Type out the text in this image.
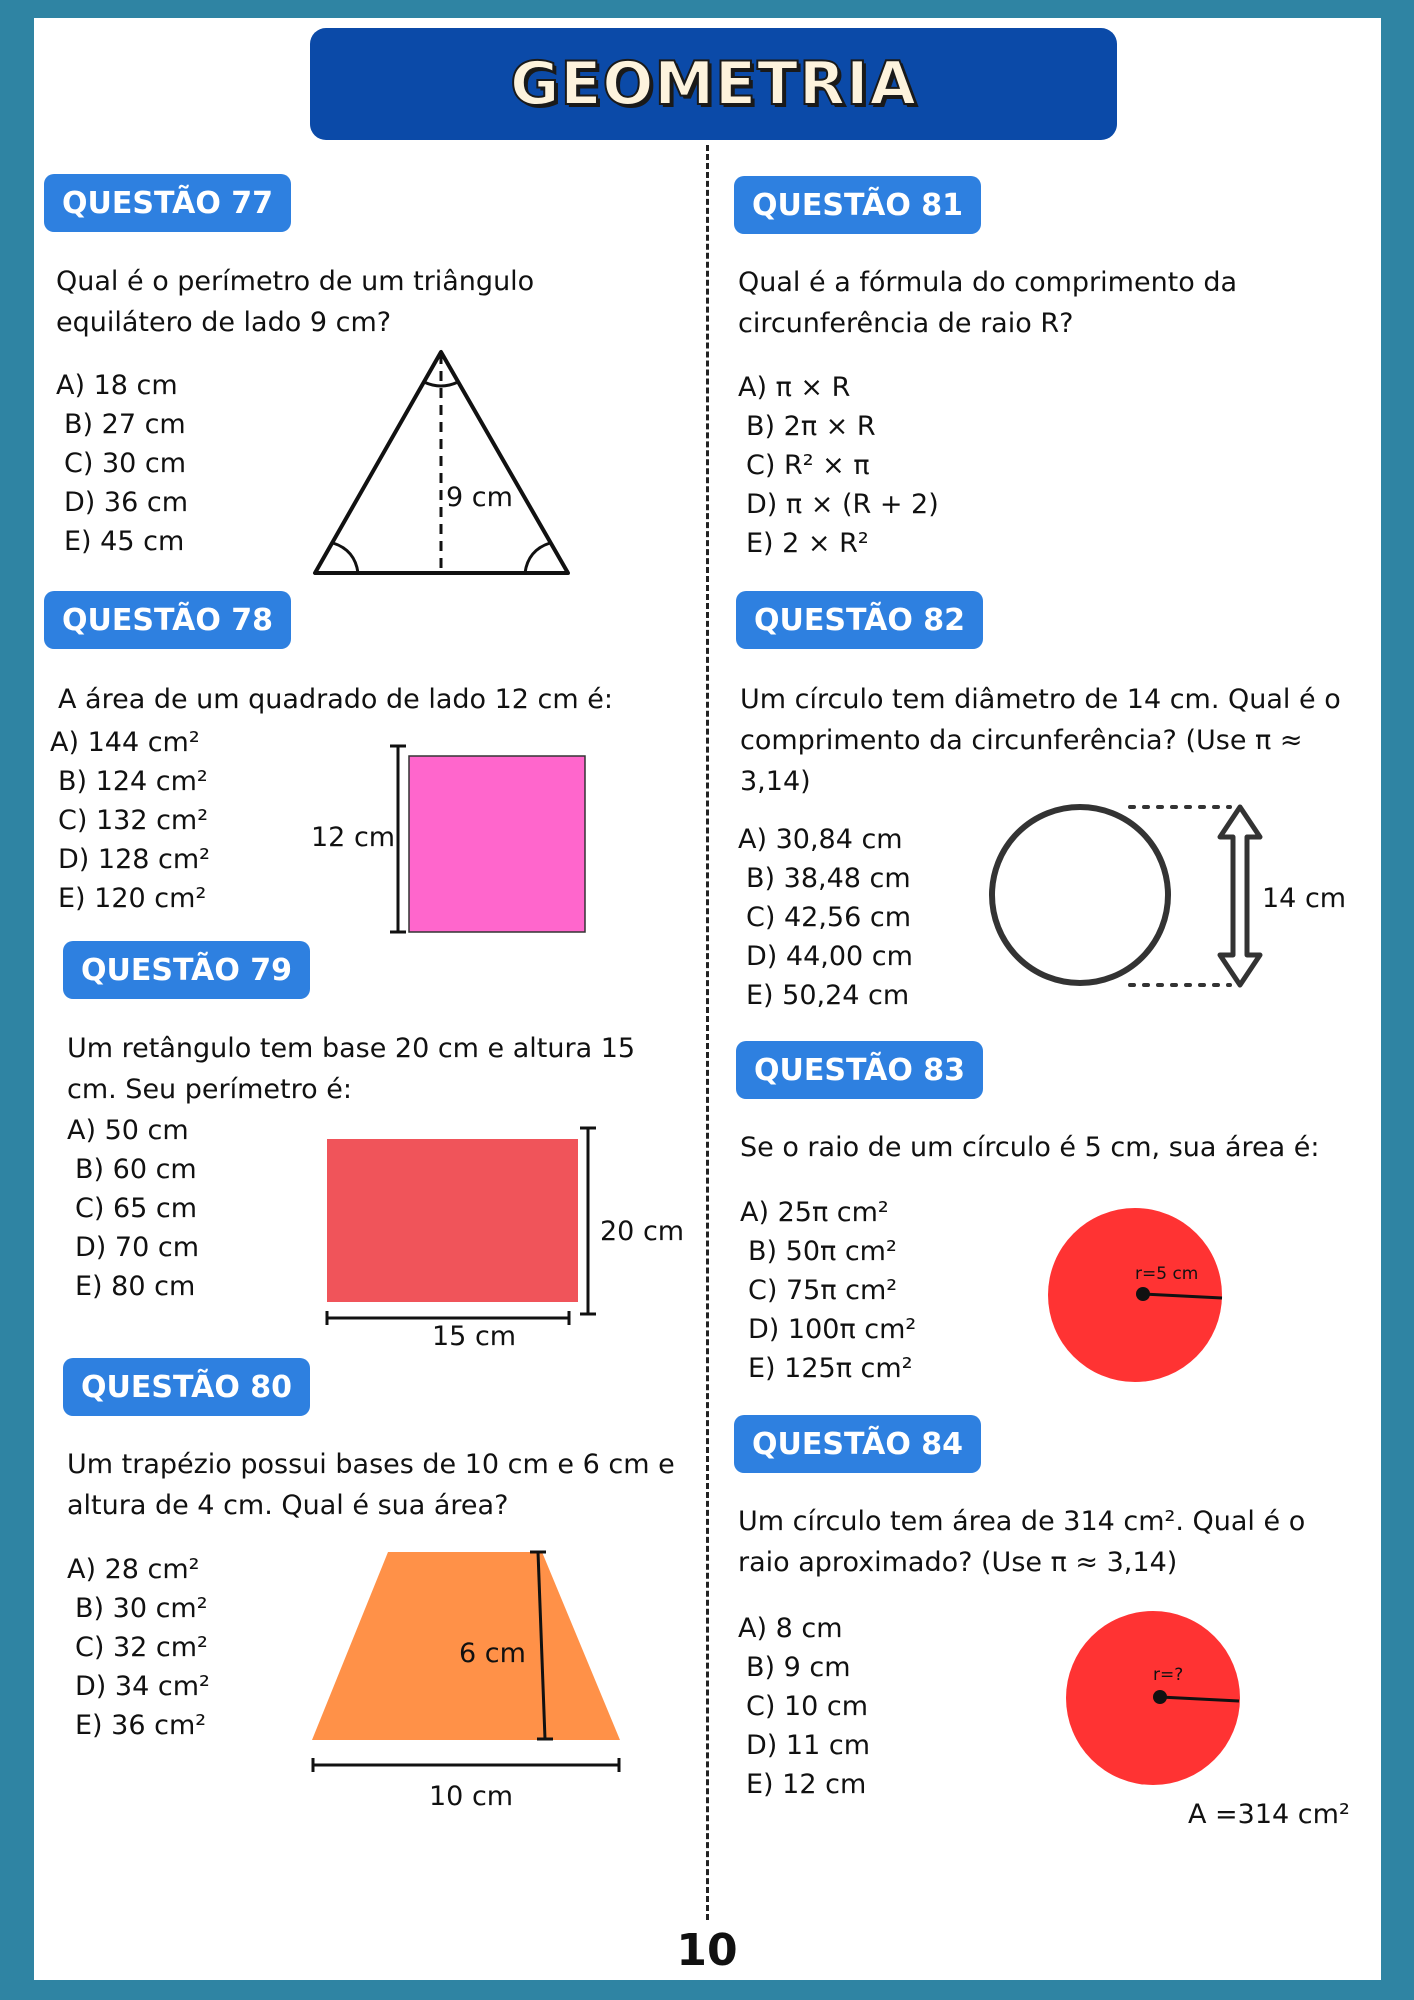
GEOMETRIA
QUESTÃO 77
Qual é o perímetro de um triângulo equilátero de lado 9 cm?
A) 18 cm
B) 27 cm
C) 30 cm
D) 36 cm
E) 45 cm
9 cm
QUESTÃO 78
A área de um quadrado de lado 12 cm é:
A) 144 cm²
B) 124 cm²
C) 132 cm²
D) 128 cm²
E) 120 cm²
12 cm
QUESTÃO 79
Um retângulo tem base 20 cm e altura 15 cm. Seu perímetro é:
A) 50 cm
B) 60 cm
C) 65 cm
D) 70 cm
E) 80 cm
20 cm
15 cm
QUESTÃO 80
Um trapézio possui bases de 10 cm e 6 cm e altura de 4 cm. Qual é sua área?
A) 28 cm²
B) 30 cm²
C) 32 cm²
D) 34 cm²
E) 36 cm²
6 cm
10 cm
QUESTÃO 81
Qual é a fórmula do comprimento da circunferência de raio R?
A) π × R
B) 2π × R
C) R² × π
D) π × (R + 2)
E) 2 × R²
QUESTÃO 82
Um círculo tem diâmetro de 14 cm. Qual é o comprimento da circunferência? (Use π ≈ 3,14)
A) 30,84 cm
B) 38,48 cm
C) 42,56 cm
D) 44,00 cm
E) 50,24 cm
14 cm
QUESTÃO 83
Se o raio de um círculo é 5 cm, sua área é:
A) 25π cm²
B) 50π cm²
C) 75π cm²
D) 100π cm²
E) 125π cm²
r=5 cm
QUESTÃO 84
Um círculo tem área de 314 cm². Qual é o raio aproximado? (Use π ≈ 3,14)
A) 8 cm
B) 9 cm
C) 10 cm
D) 11 cm
E) 12 cm
r=?
A =314 cm²
10
